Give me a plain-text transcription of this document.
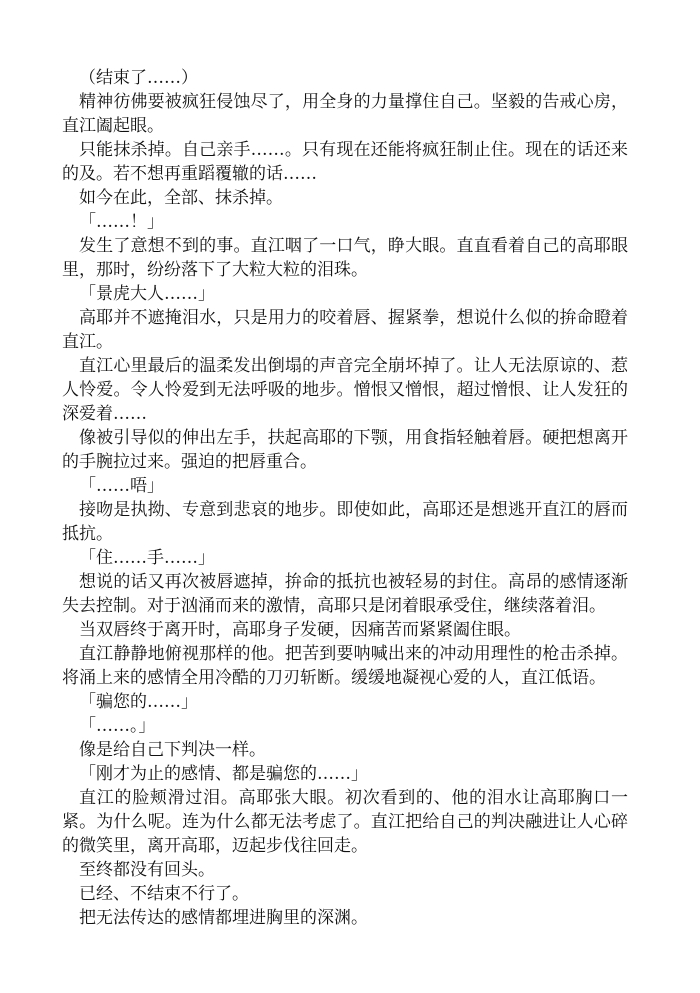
（结束了……）

精神彷佛要被疯狂侵蚀尽了，用全身的力量撑住自己。坚毅的告戒心房，直江阖起眼。

只能抹杀掉。自己亲手……。只有现在还能将疯狂制止住。现在的话还来的及。若不想再重蹈覆辙的话……

如今在此，全部、抹杀掉。

「……！」

发生了意想不到的事。直江咽了一口气，睁大眼。直直看着自己的高耶眼里，那时，纷纷落下了大粒大粒的泪珠。

「景虎大人……」

高耶并不遮掩泪水，只是用力的咬着唇、握紧拳，想说什么似的拚命瞪着直江。

直江心里最后的温柔发出倒塌的声音完全崩坏掉了。让人无法原谅的、惹人怜爱。令人怜爱到无法呼吸的地步。憎恨又憎恨，超过憎恨、让人发狂的深爱着……

像被引导似的伸出左手，扶起高耶的下颚，用食指轻触着唇。硬把想离开的手腕拉过来。强迫的把唇重合。

「……唔」

接吻是执拗、专意到悲哀的地步。即使如此，高耶还是想逃开直江的唇而抵抗。

「住……手……」

想说的话又再次被唇遮掉，拚命的抵抗也被轻易的封住。高昂的感情逐渐失去控制。对于汹涌而来的激情，高耶只是闭着眼承受住，继续落着泪。

当双唇终于离开时，高耶身子发硬，因痛苦而紧紧阖住眼。

直江静静地俯视那样的他。把苦到要呐喊出来的冲动用理性的枪击杀掉。将涌上来的感情全用冷酷的刀刃斩断。缓缓地凝视心爱的人，直江低语。

「骗您的……」

「……。」

像是给自己下判决一样。

「刚才为止的感情、都是骗您的……」

直江的脸颊滑过泪。高耶张大眼。初次看到的、他的泪水让高耶胸口一紧。为什么呢。连为什么都无法考虑了。直江把给自己的判决融进让人心碎的微笑里，离开高耶，迈起步伐往回走。

至终都没有回头。

已经、不结束不行了。

把无法传达的感情都埋进胸里的深渊。
